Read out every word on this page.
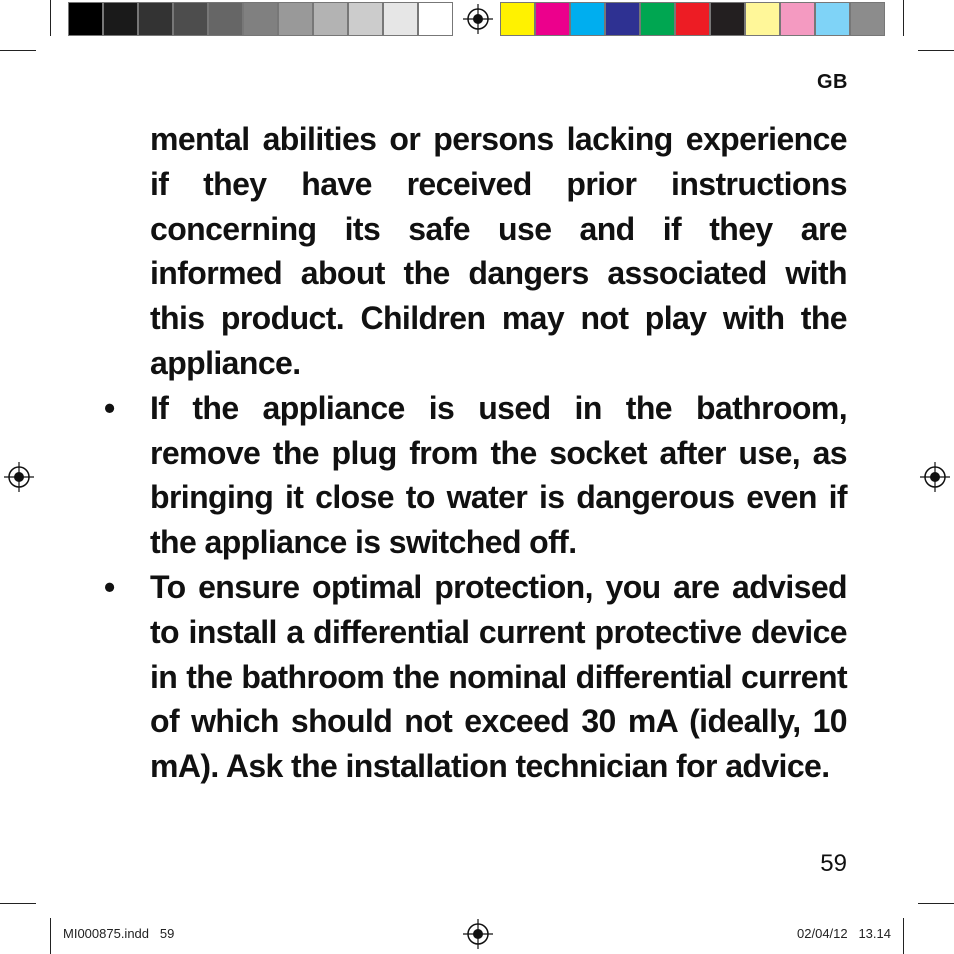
GB

mental abilities or persons lacking experience if they have received prior instructions concerning its safe use and if they are informed about the dangers associated with this product. Children may not play with the appliance.

• If the appliance is used in the bathroom, remove the plug from the socket after use, as bringing it close to water is dangerous even if the appliance is switched off.

• To ensure optimal protection, you are advised to install a differential current protective device in the bathroom the nominal differential current of which should not exceed 30 mA (ideally, 10 mA). Ask the installation technician for advice.

59
MI000875.indd   59	02/04/12   13.14
